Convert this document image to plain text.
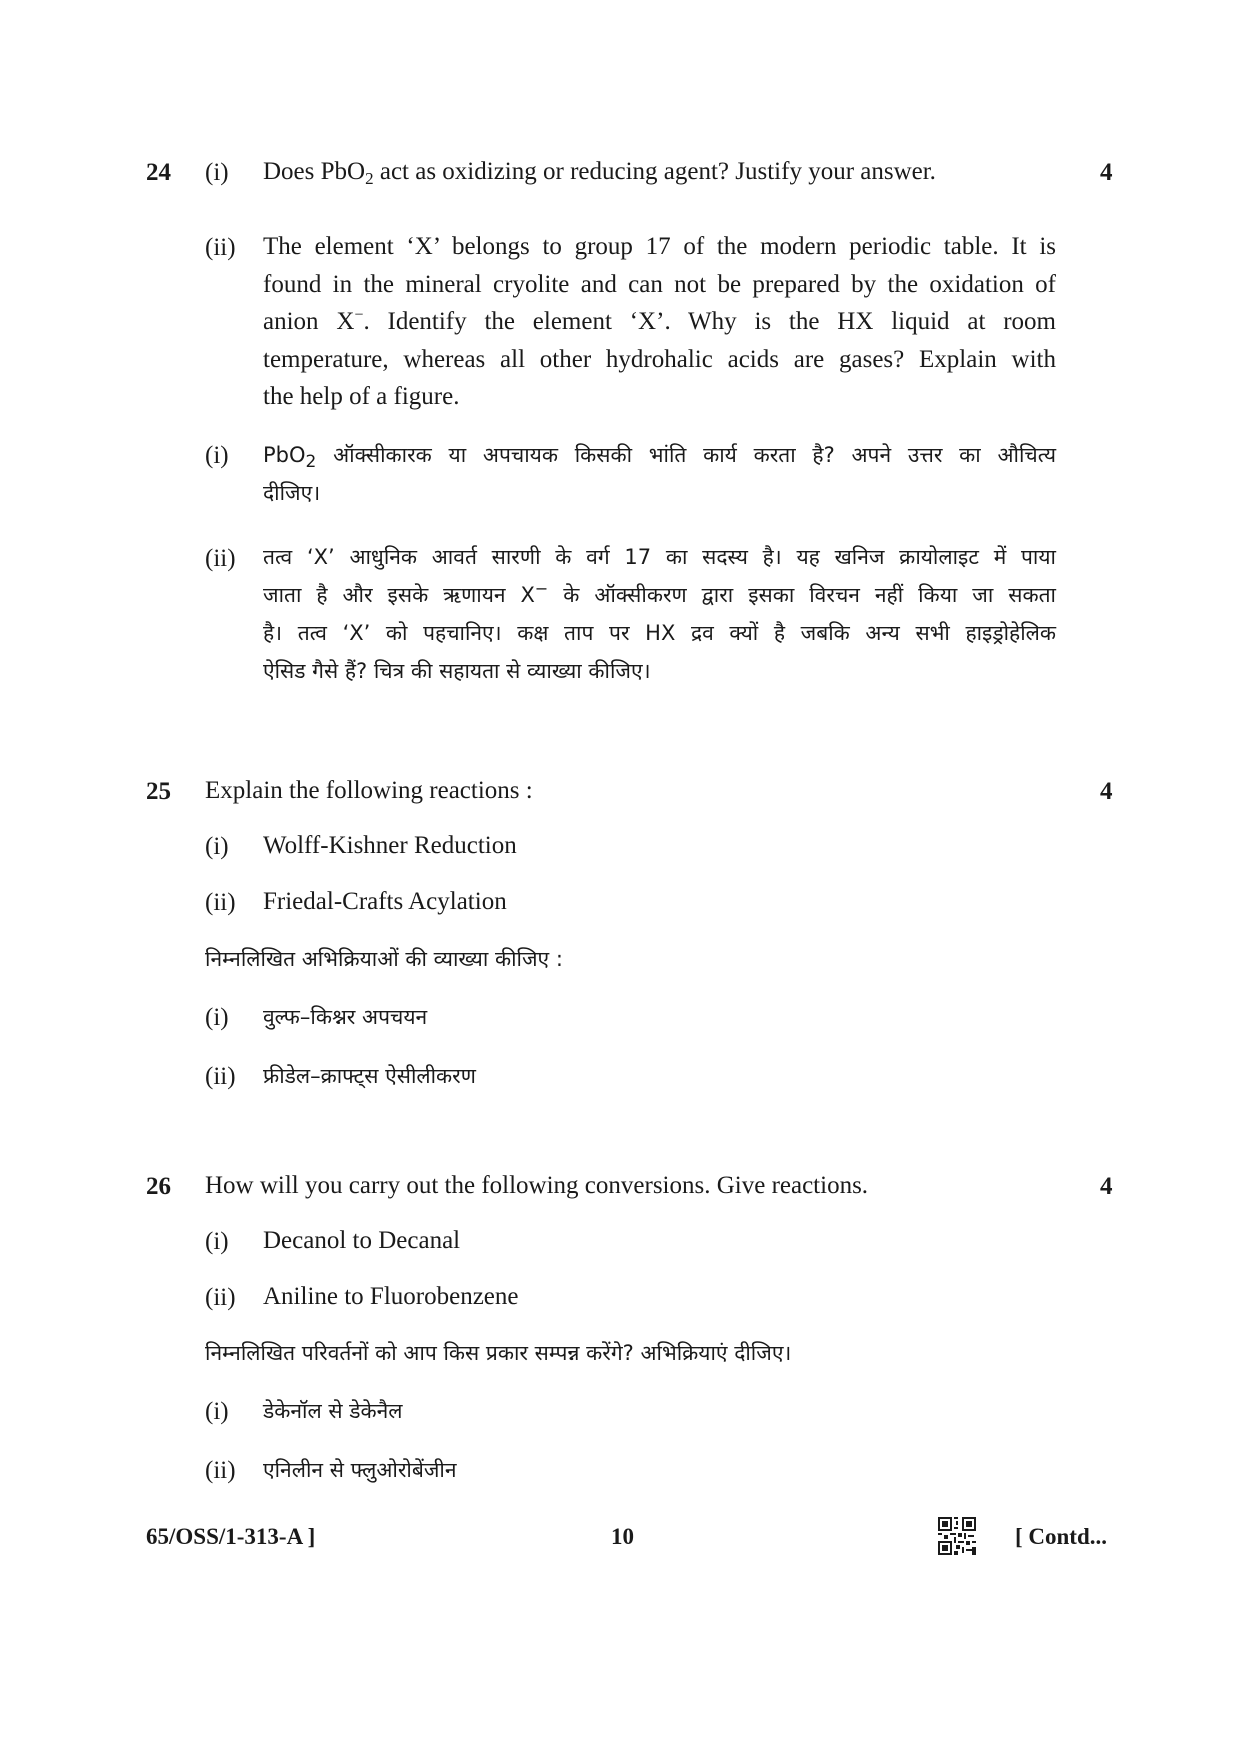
24	4
(i) Does PbO$_2$ act as oxidizing or reducing agent? Justify your answer.
(ii) The element ‘X’ belongs to group 17 of the modern periodic table. It is
found in the mineral cryolite and can not be prepared by the oxidation of
anion X−. Identify the element ‘X’. Why is the HX liquid at room
temperature, whereas all other hydrohalic acids are gases? Explain with
the help of a figure.
(i) PbO$_2$ ऑक्सीकारक या अपचायक किसकी भांति कार्य करता है? अपने उत्तर का औचित्य
दीजिए।
(ii) तत्व ‘X’ आधुनिक आवर्त सारणी के वर्ग 17 का सदस्य है। यह खनिज क्रायोलाइट में पाया
जाता है और इसके ऋणायन X− के ऑक्सीकरण द्वारा इसका विरचन नहीं किया जा सकता
है। तत्व ‘X’ को पहचानिए। कक्ष ताप पर HX द्रव क्यों है जबकि अन्य सभी हाइड्रोहेलिक
ऐसिड गैसे हैं? चित्र की सहायता से व्याख्या कीजिए।
25	4
Explain the following reactions :
(i) Wolff-Kishner Reduction
(ii) Friedal-Crafts Acylation
निम्नलिखित अभिक्रियाओं की व्याख्या कीजिए :
(i) वुल्फ–किश्नर अपचयन
(ii) फ्रीडेल–क्राफ्ट्स ऐसीलीकरण
26	4
How will you carry out the following conversions. Give reactions.
(i) Decanol to Decanal
(ii) Aniline to Fluorobenzene
निम्नलिखित परिवर्तनों को आप किस प्रकार सम्पन्न करेंगे? अभिक्रियाएं दीजिए।
(i) डेकेनॉल से डेकेनैल
(ii) एनिलीन से फ्लुओरोबेंजीन
65/OSS/1-313-A ]	10	[ Contd...
